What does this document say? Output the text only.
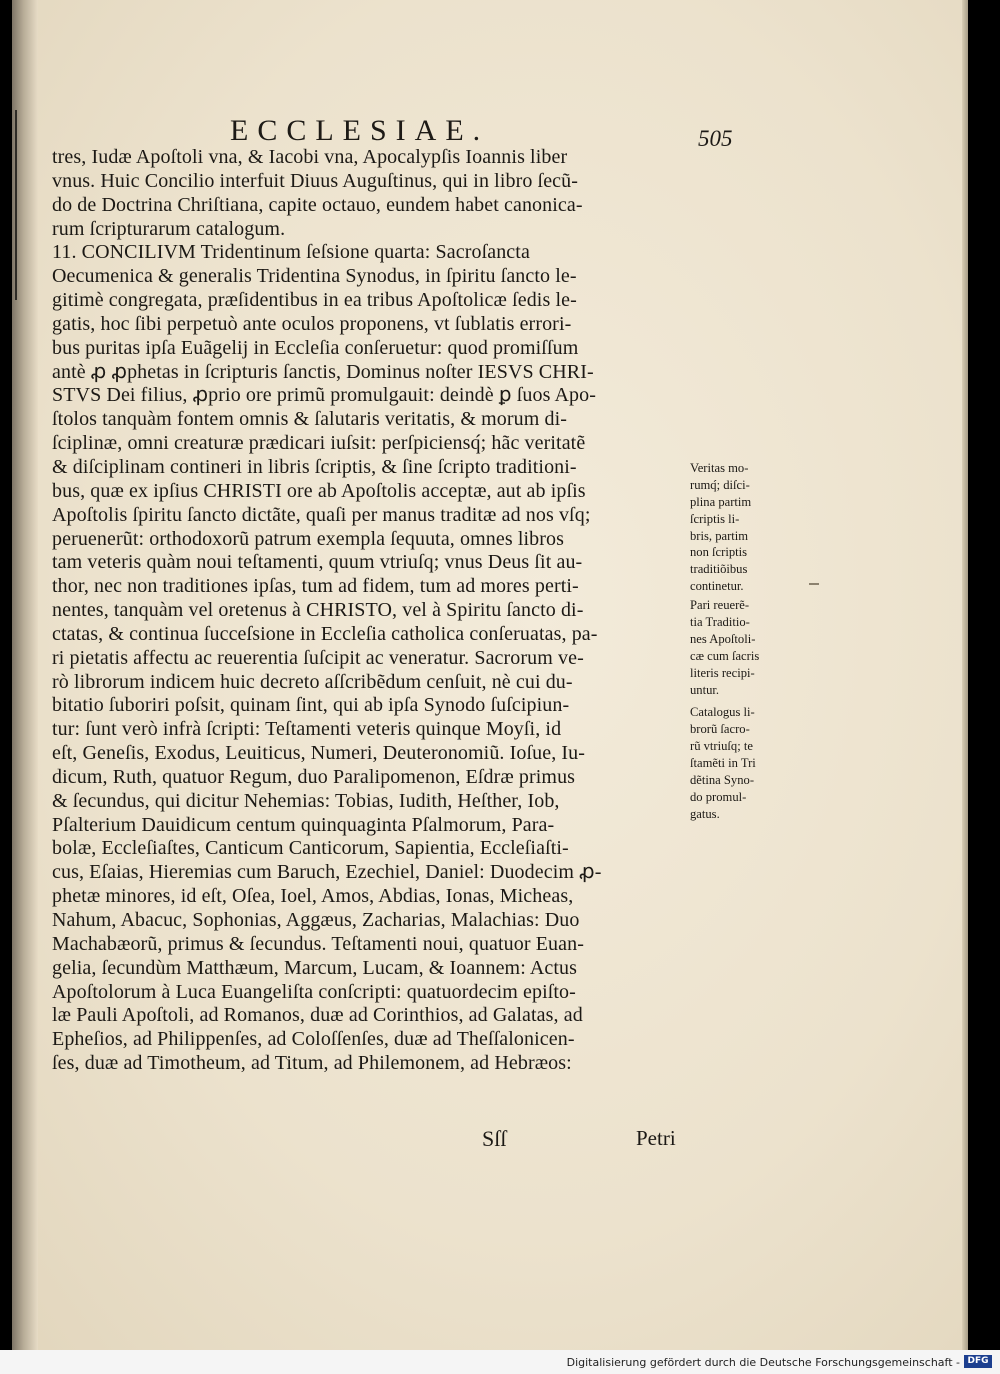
ECCLESIAE.	505
tres, Iudæ Apoſtoli vna, & Iacobi vna, Apocalypſis Ioannis liber
vnus. Huic Concilio interfuit Diuus Auguſtinus, qui in libro ſecũ-
do de Doctrina Chriſtiana, capite octauo, eundem habet canonica-
rum ſcripturarum catalogum.
11. CONCILIVM Tridentinum ſeſsione quarta: Sacroſancta
Oecumenica & generalis Tridentina Synodus, in ſpiritu ſancto le-
gitimè congregata, præſidentibus in ea tribus Apoſtolicæ ſedis le-
gatis, hoc ſibi perpetuò ante oculos proponens, vt ſublatis errori-
bus puritas ipſa Euãgelij in Eccleſia conſeruetur: quod promiſſum
antè ꝓ ꝓphetas in ſcripturis ſanctis, Dominus noſter IESVS CHRI-
STVS Dei filius, ꝓprio ore primũ promulgauit: deindè ꝑ ſuos Apo-
ſtolos tanquàm fontem omnis & ſalutaris veritatis, & morum di-
ſciplinæ, omni creaturæ prædicari iuſsit: perſpiciensq́; hãc veritatẽ
& diſciplinam contineri in libris ſcriptis, & ſine ſcripto traditioni-
bus, quæ ex ipſius CHRISTI ore ab Apoſtolis acceptæ, aut ab ipſis
Apoſtolis ſpiritu ſancto dictãte, quaſi per manus traditæ ad nos vſq;
peruenerũt: orthodoxorũ patrum exempla ſequuta, omnes libros
tam veteris quàm noui teſtamenti, quum vtriuſq; vnus Deus ſit au-
thor, nec non traditiones ipſas, tum ad fidem, tum ad mores perti-
nentes, tanquàm vel oretenus à CHRISTO, vel à Spiritu ſancto di-
ctatas, & continua ſucceſsione in Eccleſia catholica conſeruatas, pa-
ri pietatis affectu ac reuerentia ſuſcipit ac veneratur. Sacrorum ve-
rò librorum indicem huic decreto aſſcribẽdum cenſuit, nè cui du-
bitatio ſuboriri poſsit, quinam ſint, qui ab ipſa Synodo ſuſcipiun-
tur: ſunt verò infrà ſcripti: Teſtamenti veteris quinque Moyſi, id
eſt, Geneſis, Exodus, Leuiticus, Numeri, Deuteronomiũ. Ioſue, Iu-
dicum, Ruth, quatuor Regum, duo Paralipomenon, Eſdræ primus
& ſecundus, qui dicitur Nehemias: Tobias, Iudith, Heſther, Iob,
Pſalterium Dauidicum centum quinquaginta Pſalmorum, Para-
bolæ, Eccleſiaſtes, Canticum Canticorum, Sapientia, Eccleſiaſti-
cus, Eſaias, Hieremias cum Baruch, Ezechiel, Daniel: Duodecim ꝓ-
phetæ minores, id eſt, Oſea, Ioel, Amos, Abdias, Ionas, Micheas,
Nahum, Abacuc, Sophonias, Aggæus, Zacharias, Malachias: Duo
Machabæorũ, primus & ſecundus. Teſtamenti noui, quatuor Euan-
gelia, ſecundùm Matthæum, Marcum, Lucam, & Ioannem: Actus
Apoſtolorum à Luca Euangeliſta conſcripti: quatuordecim epiſto-
læ Pauli Apoſtoli, ad Romanos, duæ ad Corinthios, ad Galatas, ad
Epheſios, ad Philippenſes, ad Coloſſenſes, duæ ad Theſſalonicen-
ſes, duæ ad Timotheum, ad Titum, ad Philemonem, ad Hebræos:
Veritas mo-
rumq́; diſci-
plina partim
ſcriptis li-
bris, partim
non ſcriptis
traditiõibus
continetur.
Pari reuerẽ-
tia Traditio-
nes Apoſtoli-
cæ cum ſacris
literis recipi-
untur.
Catalogus li-
brorũ ſacro-
rũ vtriuſq; te
ſtamẽti in Tri
dẽtina Syno-
do promul-
gatus.
Sſſ	Petri
Digitalisierung gefördert durch die Deutsche Forschungsgemeinschaft - DFG
